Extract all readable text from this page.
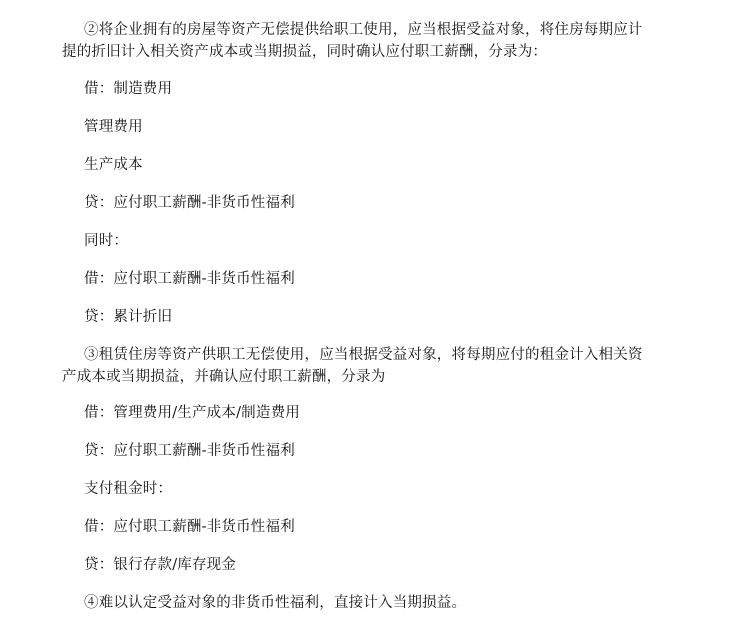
②将企业拥有的房屋等资产无偿提供给职工使用，应当根据受益对象，将住房每期应计
提的折旧计入相关资产成本或当期损益，同时确认应付职工薪酬，分录为：
借：制造费用
管理费用
生产成本
贷：应付职工薪酬-非货币性福利
同时：
借：应付职工薪酬-非货币性福利
贷：累计折旧
③租赁住房等资产供职工无偿使用，应当根据受益对象，将每期应付的租金计入相关资
产成本或当期损益，并确认应付职工薪酬，分录为
借：管理费用/生产成本/制造费用
贷：应付职工薪酬-非货币性福利
支付租金时：
借：应付职工薪酬-非货币性福利
贷：银行存款/库存现金
④难以认定受益对象的非货币性福利，直接计入当期损益。
